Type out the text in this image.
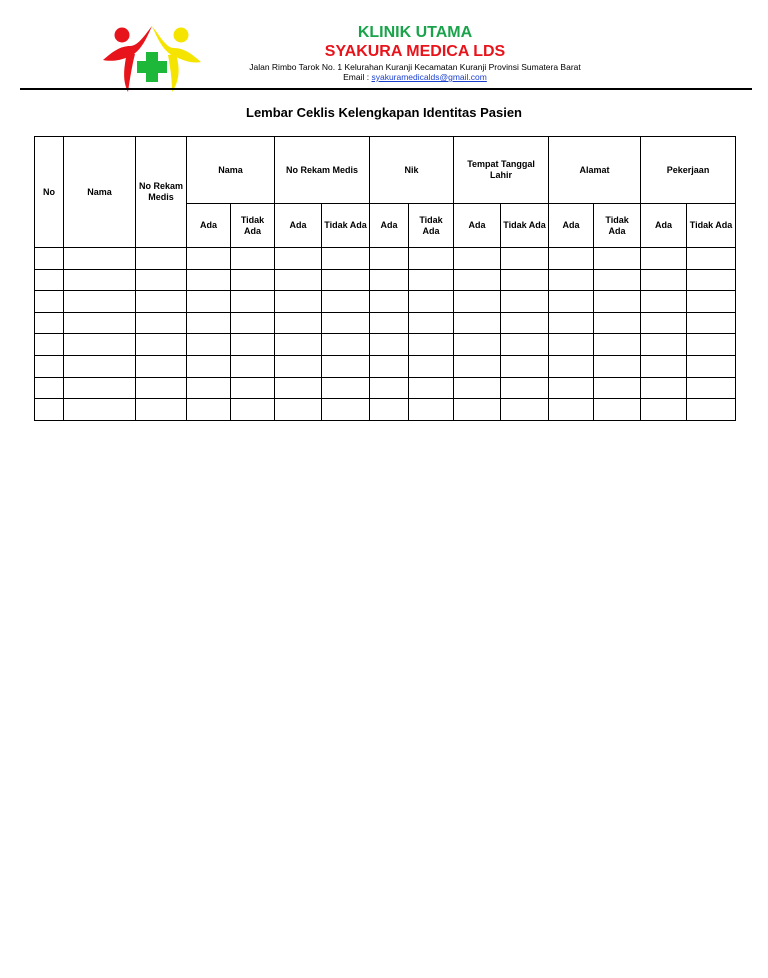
KLINIK UTAMA
SYAKURA MEDICA LDS
Jalan Rimbo Tarok No. 1 Kelurahan Kuranji Kecamatan Kuranji Provinsi Sumatera Barat
Email : syakuramedicalds@gmail.com
Lembar Ceklis Kelengkapan Identitas Pasien
No	Nama	No Rekam Medis	Nama		No Rekam Medis		Nik		Tempat Tanggal Lahir		Alamat		Pekerjaan	
			Ada	Tidak Ada	Ada	Tidak Ada	Ada	Tidak Ada	Ada	Tidak Ada	Ada	Tidak Ada	Ada	Tidak Ada
